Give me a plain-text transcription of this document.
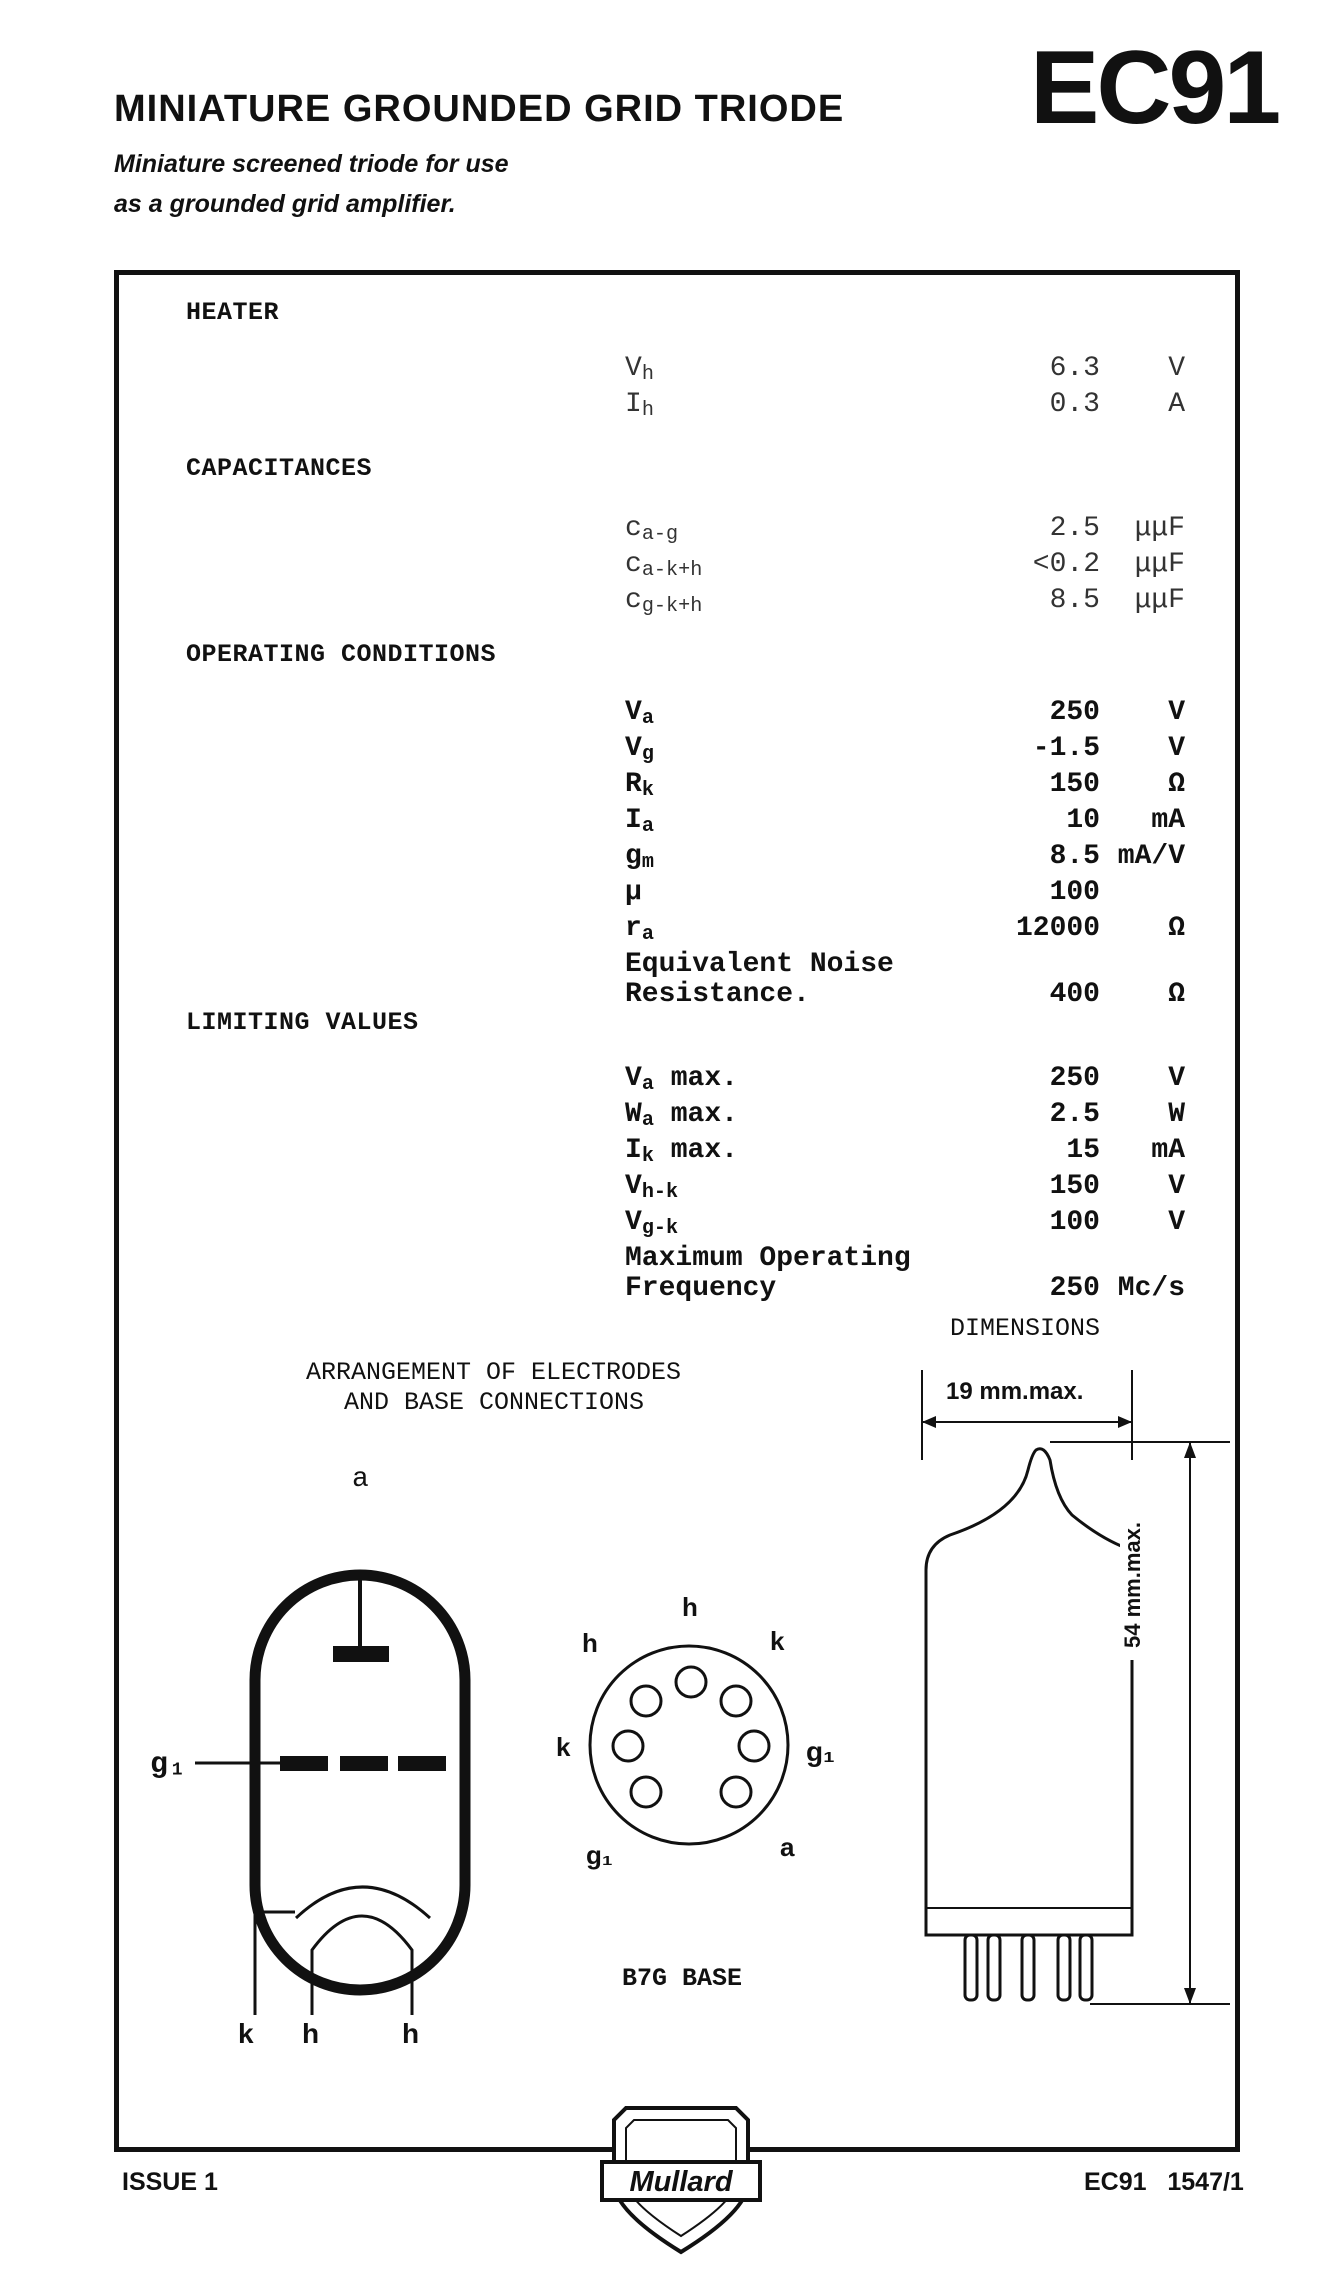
MINIATURE GROUNDED GRID TRIODE EC91
Miniature screened triode for use
as a grounded grid amplifier.
HEATER
$V_h$	6.3	V
$I_h$	0.3	A
CAPACITANCES
$c_{a-g}$	2.5	μμF
$c_{a-k+h}$	<0.2	μμF
$c_{g-k+h}$	8.5	μμF
OPERATING CONDITIONS
$V_a$	250	V
$V_g$	-1.5	V
$R_k$	150	Ω
$I_a$	10	mA
$g_m$	8.5 mA/V
μ	100
$r_a$	12000	Ω
Equivalent Noise
Resistance.	400	Ω
LIMITING VALUES
$V_a$ max.	250	V
$W_a$ max.	2.5	W
$I_k$ max.	15	mA
$V_{h-k}$	150	V
$V_{g-k}$	100	V
Maximum Operating
Frequency	250 Mc/s
ARRANGEMENT OF ELECTRODES
AND BASE CONNECTIONS
DIMENSIONS
a
g₁
k h	h
h
h	k
k	g₁
g₁	a
B7G BASE
19 mm.max.
54 mm.max.
ISSUE 1	Mullard	EC91   1547/1
